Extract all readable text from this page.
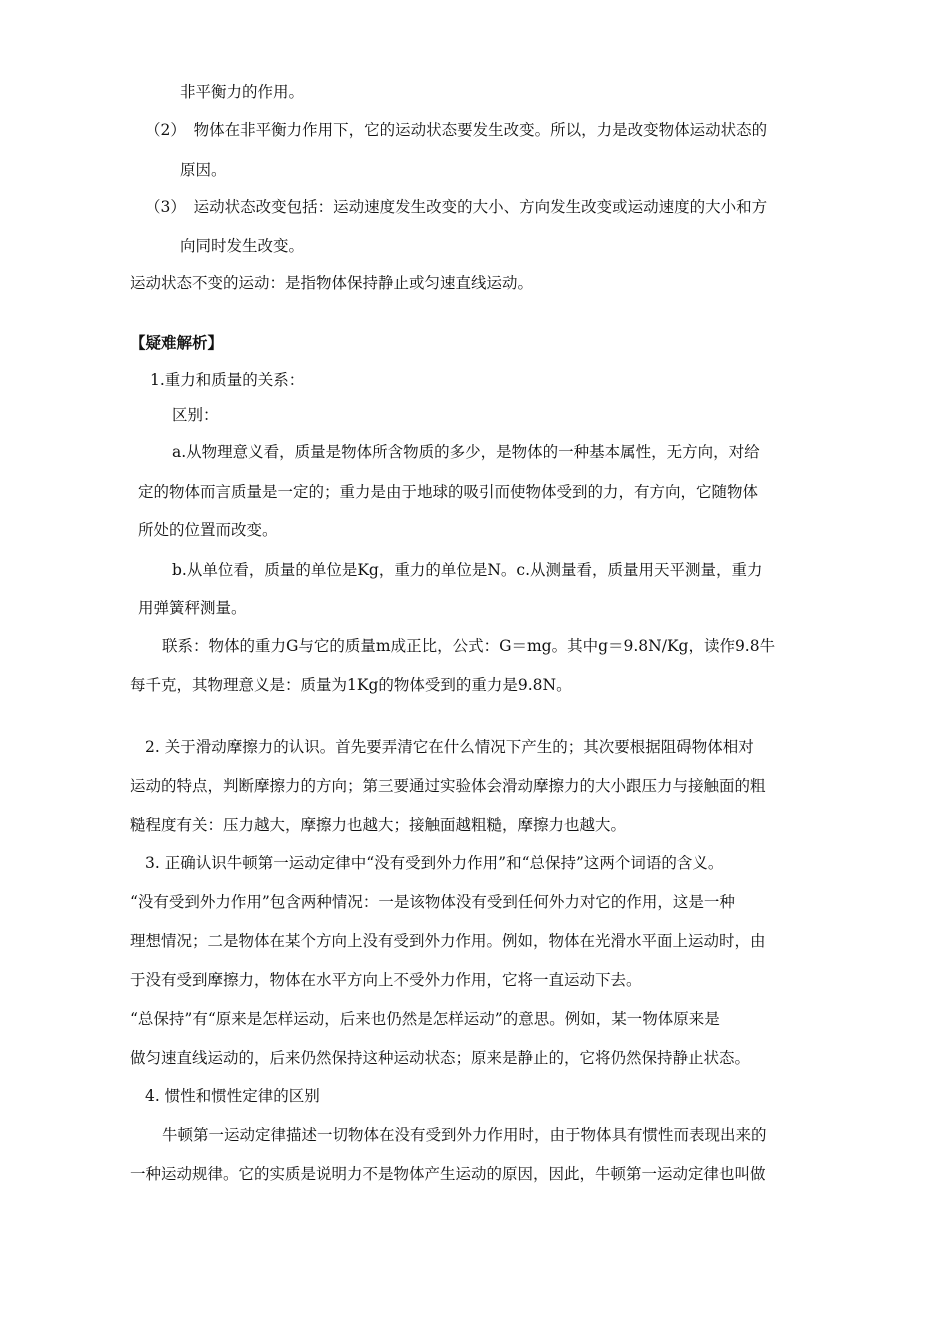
非平衡力的作用。
（2）　物体在非平衡力作用下，它的运动状态要发生改变。所以，力是改变物体运动状态的
原因。
（3）　运动状态改变包括：运动速度发生改变的大小、方向发生改变或运动速度的大小和方
向同时发生改变。
运动状态不变的运动：是指物体保持静止或匀速直线运动。
【疑难解析】
1.重力和质量的关系：
区别：
a.从物理意义看，质量是物体所含物质的多少，是物体的一种基本属性，无方向，对给
定的物体而言质量是一定的；重力是由于地球的吸引而使物体受到的力，有方向，它随物体
所处的位置而改变。
b.从单位看，质量的单位是Kg，重力的单位是N。c.从测量看，质量用天平测量，重力
用弹簧秤测量。
联系：物体的重力G与它的质量m成正比，公式：G＝mg。其中g＝9.8N/Kg，读作9.8牛
每千克，其物理意义是：质量为1Kg的物体受到的重力是9.8N。
2. 关于滑动摩擦力的认识。首先要弄清它在什么情况下产生的；其次要根据阻碍物体相对
运动的特点，判断摩擦力的方向；第三要通过实验体会滑动摩擦力的大小跟压力与接触面的粗
糙程度有关：压力越大，摩擦力也越大；接触面越粗糙，摩擦力也越大。
3. 正确认识牛顿第一运动定律中“没有受到外力作用”和“总保持”这两个词语的含义。
“没有受到外力作用”包含两种情况：一是该物体没有受到任何外力对它的作用，这是一种
理想情况；二是物体在某个方向上没有受到外力作用。例如，物体在光滑水平面上运动时，由
于没有受到摩擦力，物体在水平方向上不受外力作用，它将一直运动下去。
“总保持”有“原来是怎样运动，后来也仍然是怎样运动”的意思。例如，某一物体原来是
做匀速直线运动的，后来仍然保持这种运动状态；原来是静止的，它将仍然保持静止状态。
4. 惯性和惯性定律的区别
牛顿第一运动定律描述一切物体在没有受到外力作用时，由于物体具有惯性而表现出来的
一种运动规律。它的实质是说明力不是物体产生运动的原因，因此，牛顿第一运动定律也叫做
